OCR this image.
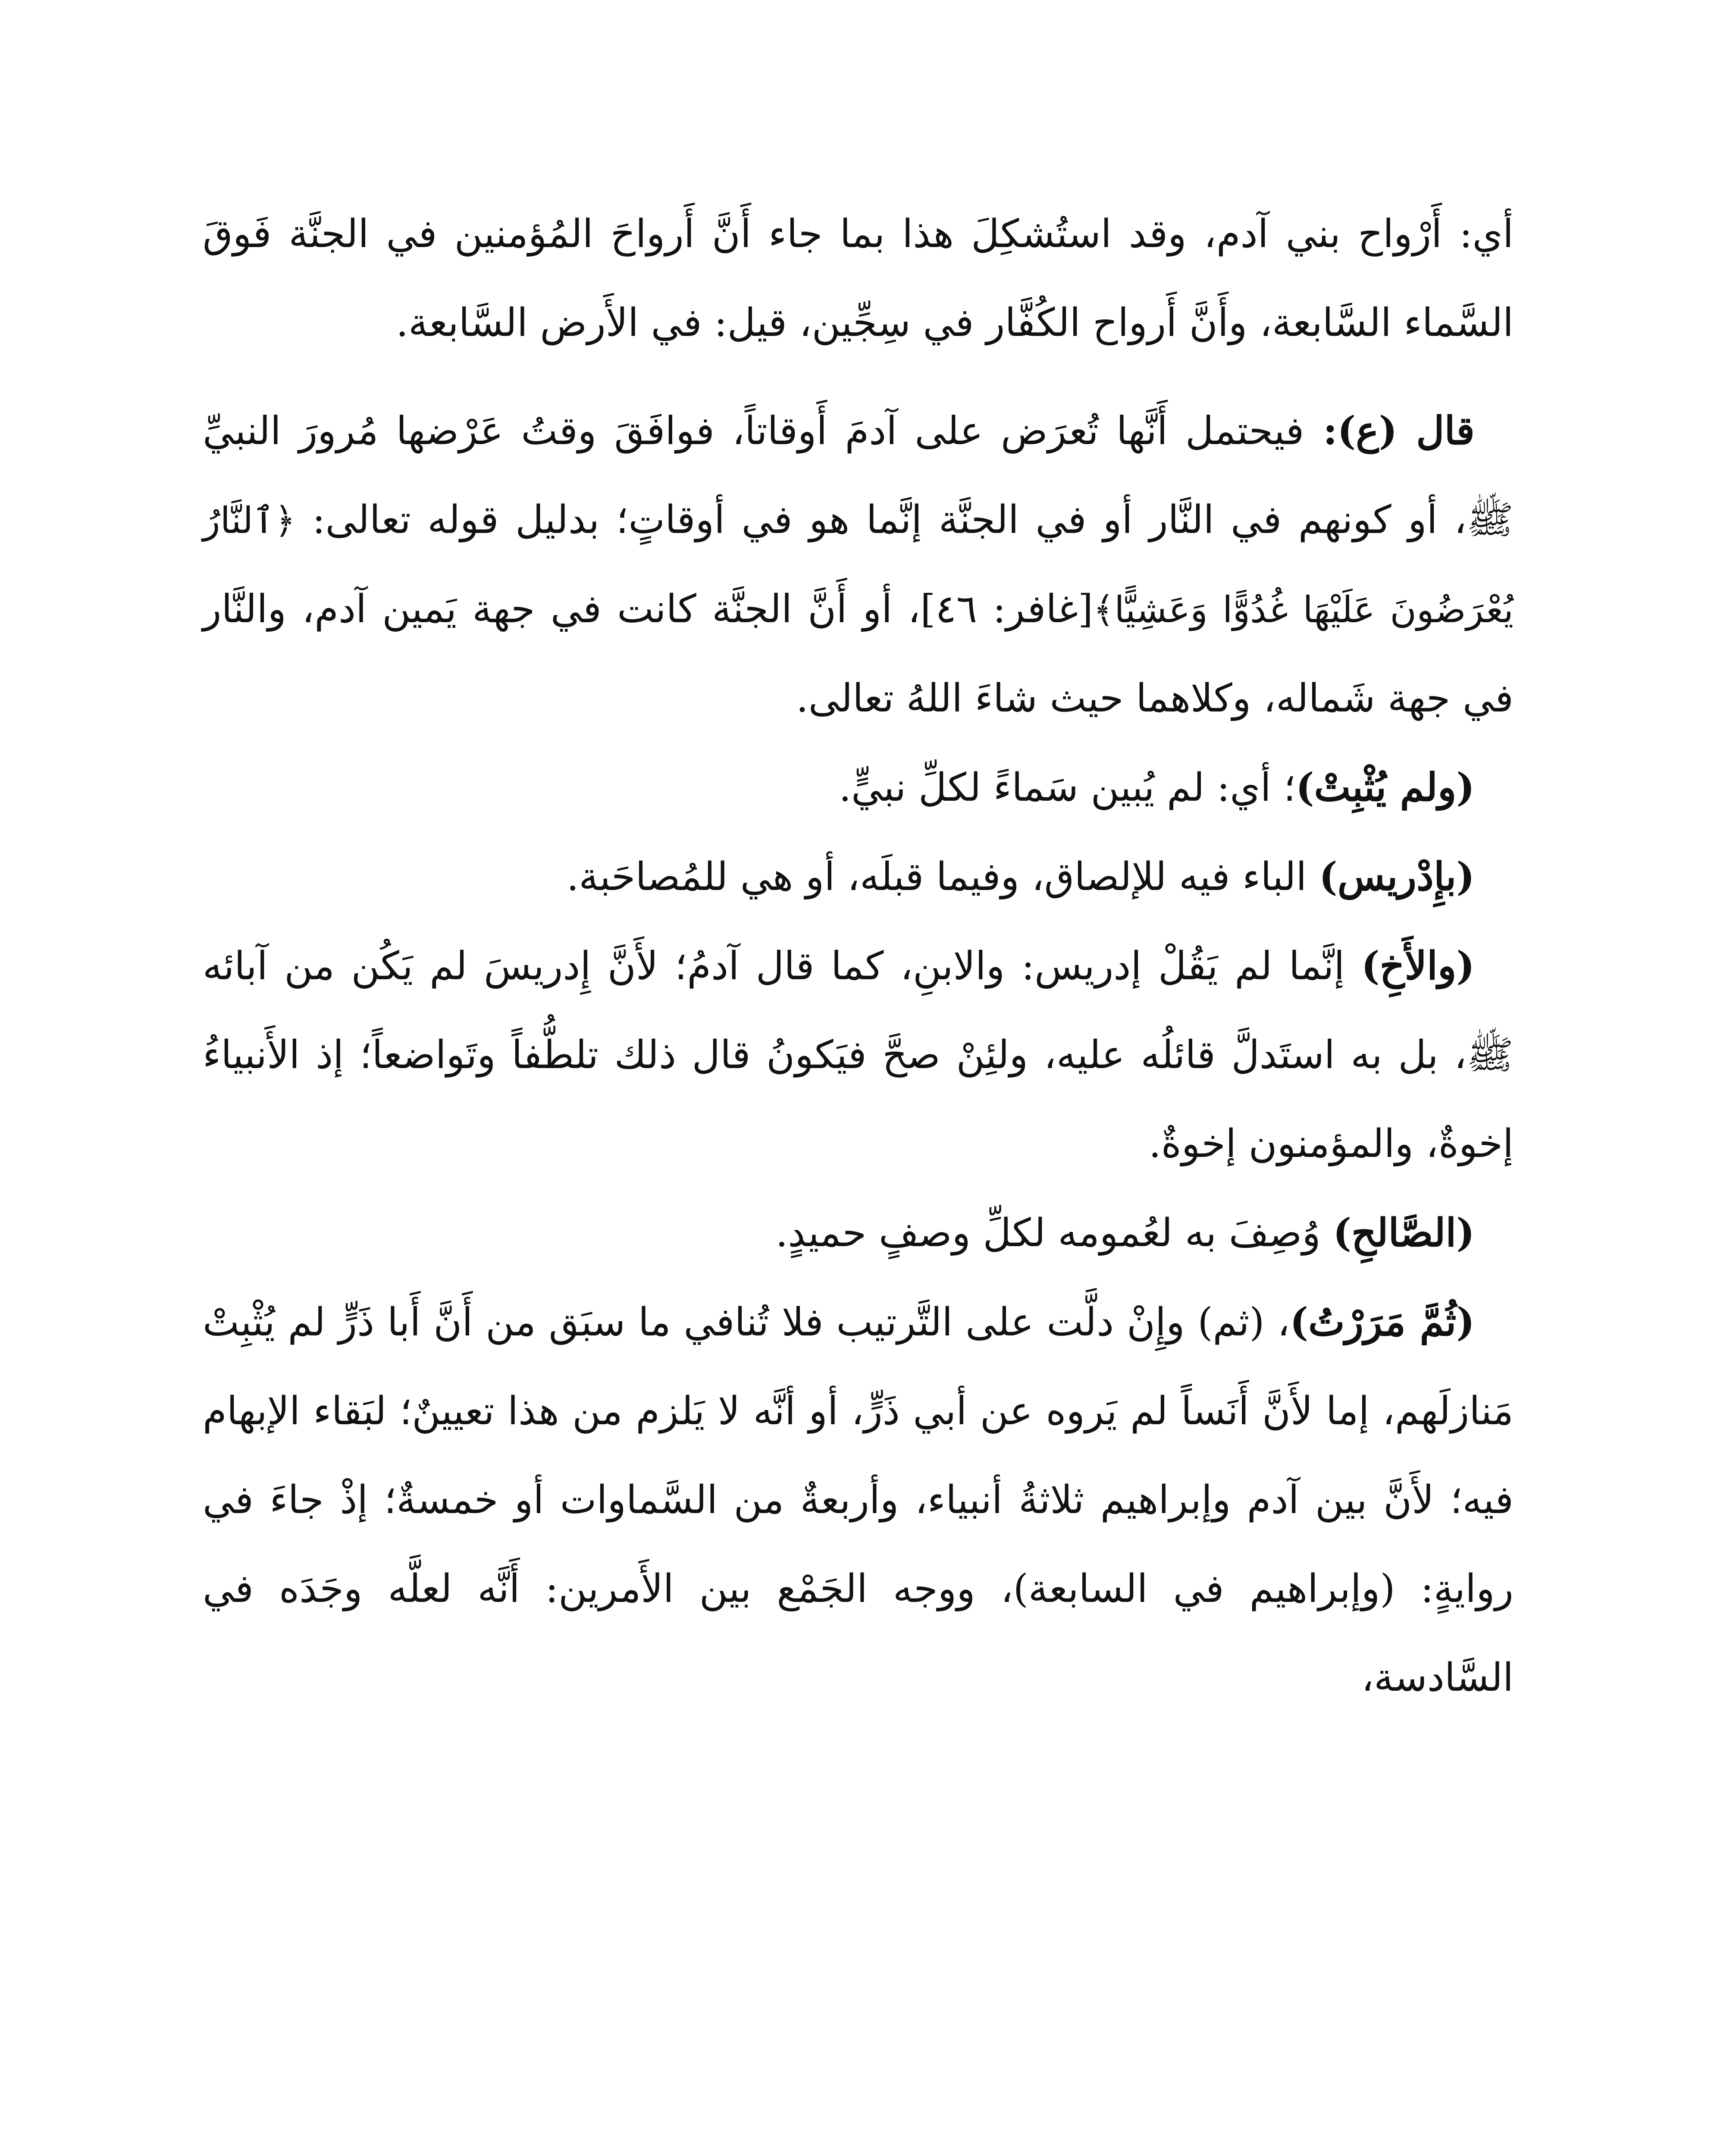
أي: أَرْواح بني آدم، وقد استُشكِلَ هذا بما جاء أَنَّ أَرواحَ المُؤمنين في الجنَّة فَوقَ السَّماء السَّابعة، وأَنَّ أَرواح الكُفَّار في سِجِّين، قيل: في الأَرض السَّابعة.

قال (ع): فيحتمل أَنَّها تُعرَض على آدمَ أَوقاتاً، فوافَقَ وقتُ عَرْضها مُرورَ النبيِّ ﷺ، أو كونهم في النَّار أو في الجنَّة إنَّما هو في أوقاتٍ؛ بدليل قوله تعالى: ﴿ٱلنَّارُ يُعْرَضُونَ عَلَيْهَا غُدُوًّا وَعَشِيًّا﴾[غافر: ٤٦]، أو أَنَّ الجنَّة كانت في جهة يَمين آدم، والنَّار في جهة شَماله، وكلاهما حيث شاءَ اللهُ تعالى.

(ولم يُثْبِتْ)؛ أي: لم يُبين سَماءً لكلِّ نبيٍّ.

(بإِدْريس) الباء فيه للإلصاق، وفيما قبلَه، أو هي للمُصاحَبة.

(والأَخِ) إنَّما لم يَقُلْ إدريس: والابنِ، كما قال آدمُ؛ لأَنَّ إِدريسَ لم يَكُن من آبائه ﷺ، بل به استَدلَّ قائلُه عليه، ولئِنْ صحَّ فيَكونُ قال ذلك تلطُّفاً وتَواضعاً؛ إذ الأَنبياءُ إخوةٌ، والمؤمنون إخوةٌ.

(الصَّالحِ) وُصِفَ به لعُمومه لكلِّ وصفٍ حميدٍ.

(ثُمَّ مَرَرْتُ)، (ثم) وإِنْ دلَّت على التَّرتيب فلا تُنافي ما سبَق من أَنَّ أَبا ذَرٍّ لم يُثْبِتْ مَنازلَهم، إما لأَنَّ أَنَساً لم يَروه عن أبي ذَرٍّ، أو أنَّه لا يَلزم من هذا تعيينٌ؛ لبَقاء الإبهام فيه؛ لأَنَّ بين آدم وإبراهيم ثلاثةُ أنبياء، وأربعةٌ من السَّماوات أو خمسةٌ؛ إذْ جاءَ في روايةٍ: (وإبراهيم في السابعة)، ووجه الجَمْع بين الأَمرين: أَنَّه لعلَّه وجَدَه في السَّادسة،
